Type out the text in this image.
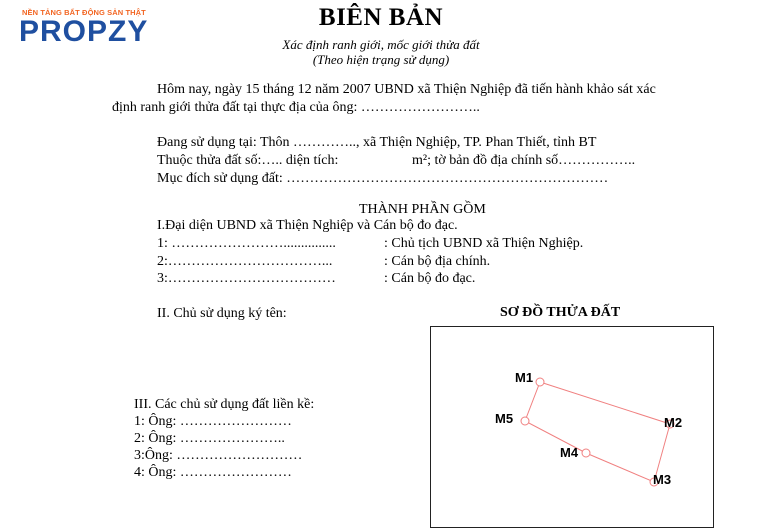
NỀN TẢNG BẤT ĐỘNG SẢN THẬT
PROPZY	BIÊN BẢN
Xác định ranh giới, mốc giới thửa đất
(Theo hiện trạng sử dụng)
Hôm nay, ngày 15 tháng 12 năm 2007 UBND xã Thiện Nghiệp đã tiến hành khảo sát xác
định ranh giới thửa đất tại thực địa của ông: ……………………..
Đang sử dụng tại: Thôn ………….., xã Thiện Nghiệp, TP. Phan Thiết, tỉnh BT
Thuộc thửa đất số:….. diện tích:	m²; tờ bản đồ địa chính số……………..
Mục đích sử dụng đất: ……………………………………………………………
THÀNH PHẦN GỒM
I.Đại diện UBND xã Thiện Nghiệp và Cán bộ đo đạc.
1: ……………………...............	: Chủ tịch UBND xã Thiện Nghiệp.
2:……………………………...	: Cán bộ địa chính.
3:………………………………	: Cán bộ đo đạc.
II. Chủ sử dụng ký tên:	SƠ ĐỒ THỬA ĐẤT
III. Các chủ sử dụng đất liền kề:
1: Ông: ……………………
2: Ông: …………………..
3:Ông: ………………………
4: Ông: ……………………
M1
M2
M3
M4
M5
